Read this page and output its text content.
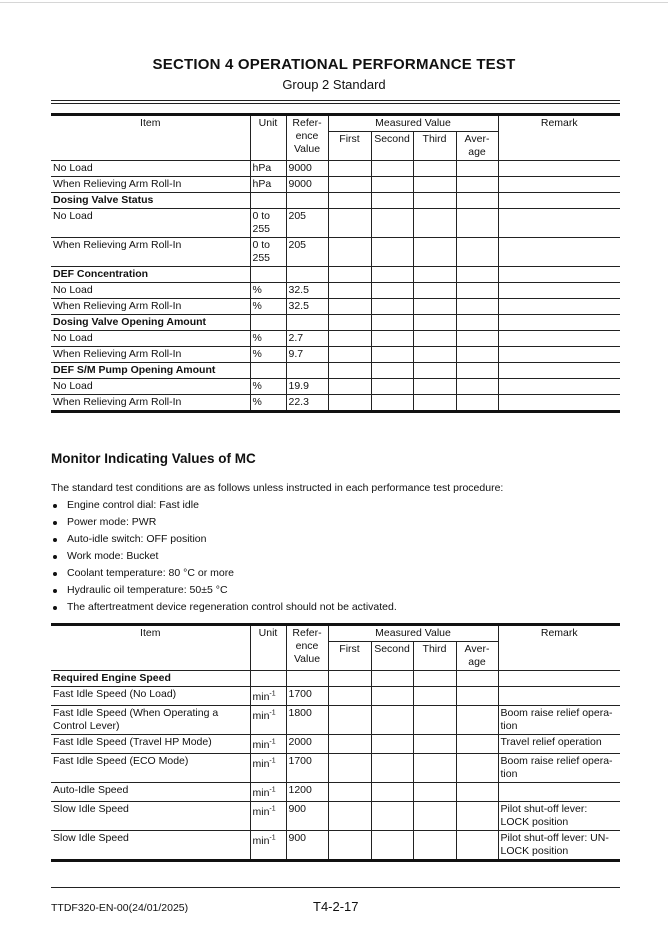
SECTION 4 OPERATIONAL PERFORMANCE TEST
Group 2 Standard
Item	Unit	Refer-
ence
Value	Measured Value				Remark
			First	Second	Third	Aver-
age	
No Load	hPa	9000					
When Relieving Arm Roll-In	hPa	9000					
Dosing Valve Status							
No Load	0 to 255	205					
When Relieving Arm Roll-In	0 to 255	205					
DEF Concentration							
No Load	%	32.5					
When Relieving Arm Roll-In	%	32.5					
Dosing Valve Opening Amount							
No Load	%	2.7					
When Relieving Arm Roll-In	%	9.7					
DEF S/M Pump Opening Amount							
No Load	%	19.9					
When Relieving Arm Roll-In	%	22.3					
Monitor Indicating Values of MC
The standard test conditions are as follows unless instructed in each performance test procedure:
Engine control dial: Fast idle
Power mode: PWR
Auto-idle switch: OFF position
Work mode: Bucket
Coolant temperature: 80 °C or more
Hydraulic oil temperature: 50±5 °C
The aftertreatment device regeneration control should not be activated.
Item	Unit	Refer-
ence
Value	Measured Value				Remark
			First	Second	Third	Aver-
age	
Required Engine Speed							
Fast Idle Speed (No Load)	$\min^{-1}$	1700					
Fast Idle Speed (When Operating a Control Lever)	$\min^{-1}$	1800					Boom raise relief opera-tion
Fast Idle Speed (Travel HP Mode)	$\min^{-1}$	2000					Travel relief operation
Fast Idle Speed (ECO Mode)	$\min^{-1}$	1700					Boom raise relief opera-tion
Auto-Idle Speed	$\min^{-1}$	1200					
Slow Idle Speed	$\min^{-1}$	900					Pilot shut-off lever: LOCK position
Slow Idle Speed	$\min^{-1}$	900					Pilot shut-off lever: UN-LOCK position
TTDF320-EN-00(24/01/2025)	T4-2-17
